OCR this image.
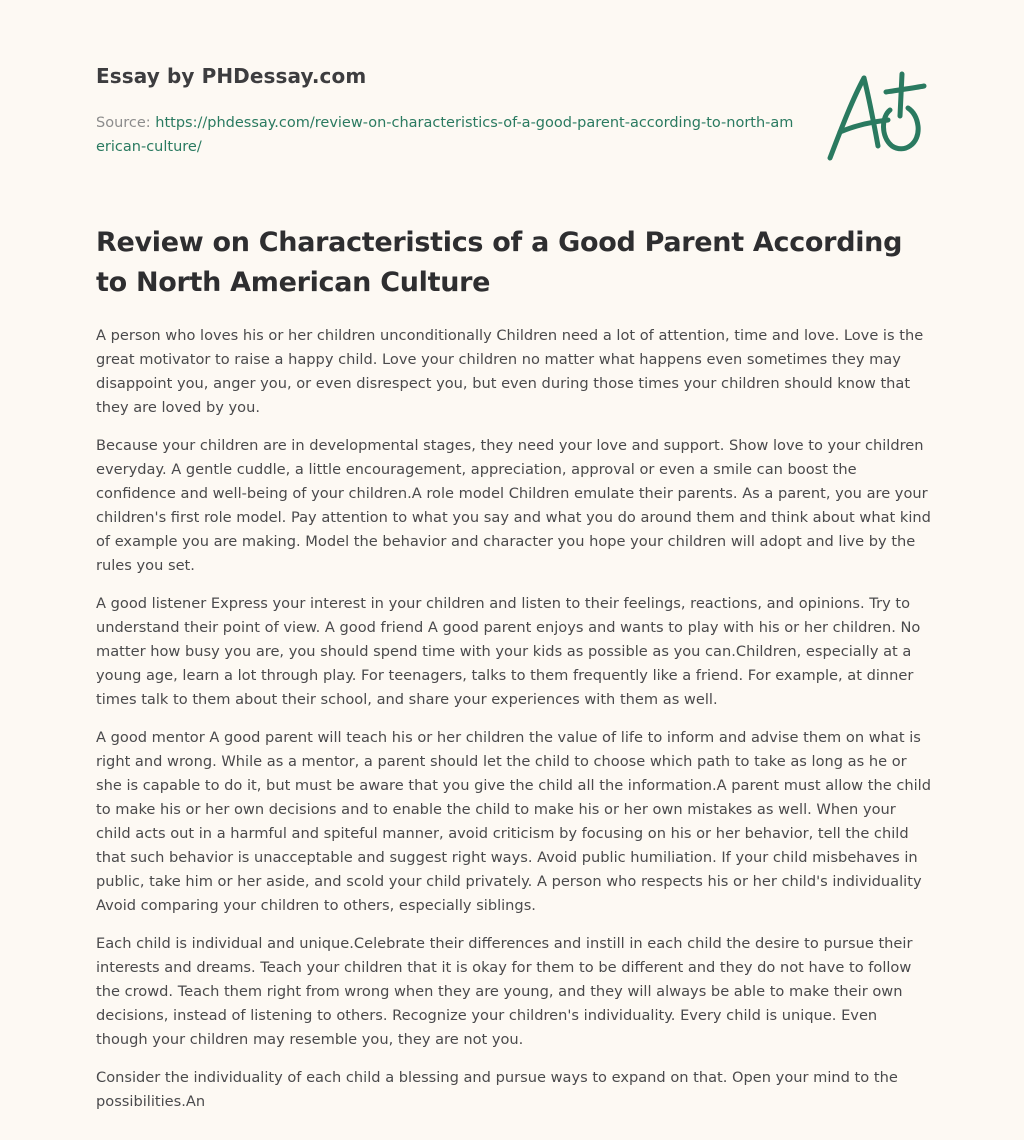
Essay by PHDessay.com
Source: https://phdessay.com/review-on-characteristics-of-a-good-parent-according-to-north-american-culture/
Review on Characteristics of a Good Parent According to North American Culture

A person who loves his or her children unconditionally Children need a lot of attention, time and love. Love is the great motivator to raise a happy child. Love your children no matter what happens even sometimes they may disappoint you, anger you, or even disrespect you, but even during those times your children should know that they are loved by you.

Because your children are in developmental stages, they need your love and support. Show love to your children everyday. A gentle cuddle, a little encouragement, appreciation, approval or even a smile can boost the confidence and well-being of your children.A role model Children emulate their parents. As a parent, you are your children's first role model. Pay attention to what you say and what you do around them and think about what kind of example you are making. Model the behavior and character you hope your children will adopt and live by the rules you set.

A good listener Express your interest in your children and listen to their feelings, reactions, and opinions. Try to understand their point of view. A good friend A good parent enjoys and wants to play with his or her children. No matter how busy you are, you should spend time with your kids as possible as you can.Children, especially at a young age, learn a lot through play. For teenagers, talks to them frequently like a friend. For example, at dinner times talk to them about their school, and share your experiences with them as well.

A good mentor A good parent will teach his or her children the value of life to inform and advise them on what is right and wrong. While as a mentor, a parent should let the child to choose which path to take as long as he or she is capable to do it, but must be aware that you give the child all the information.A parent must allow the child to make his or her own decisions and to enable the child to make his or her own mistakes as well. When your child acts out in a harmful and spiteful manner, avoid criticism by focusing on his or her behavior, tell the child that such behavior is unacceptable and suggest right ways. Avoid public humiliation. If your child misbehaves in public, take him or her aside, and scold your child privately. A person who respects his or her child's individuality Avoid comparing your children to others, especially siblings.

Each child is individual and unique.Celebrate their differences and instill in each child the desire to pursue their interests and dreams. Teach your children that it is okay for them to be different and they do not have to follow the crowd. Teach them right from wrong when they are young, and they will always be able to make their own decisions, instead of listening to others. Recognize your children's individuality. Every child is unique. Even though your children may resemble you, they are not you.

Consider the individuality of each child a blessing and pursue ways to expand on that. Open your mind to the possibilities.An
